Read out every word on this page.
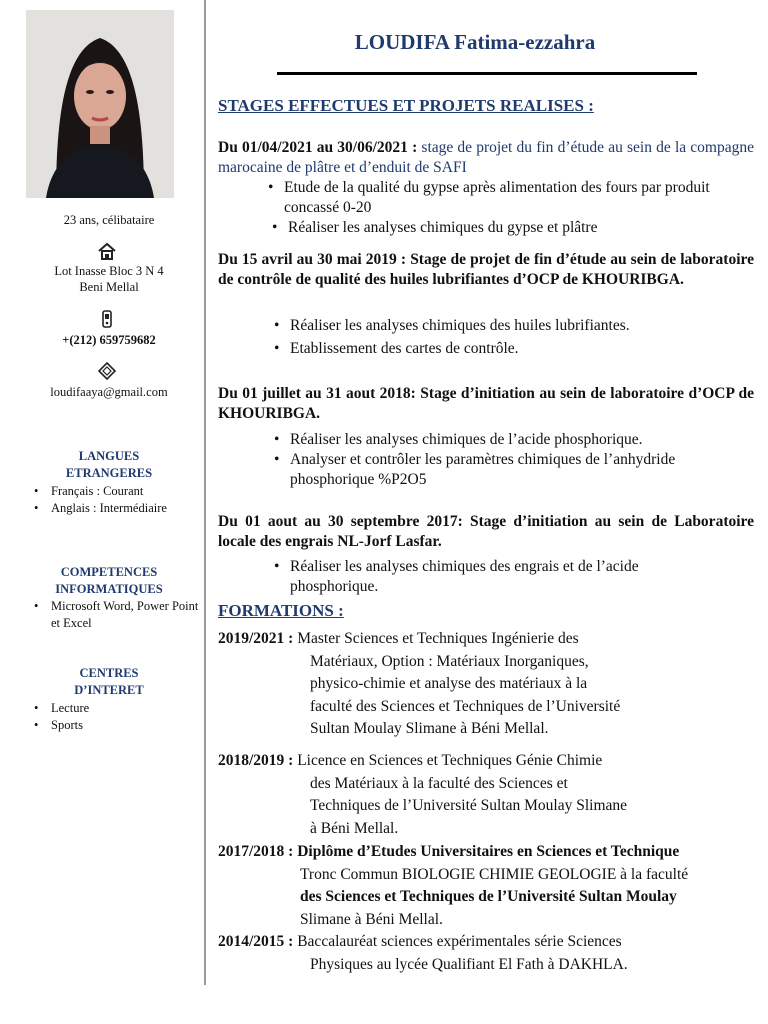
23 ans, célibataire
Lot Inasse Bloc 3 N 4
Beni Mellal
+(212) 659759682
loudifaaya@gmail.com
LANGUES
ETRANGERES
• Français : Courant
• Anglais : Intermédiaire
COMPETENCES
INFORMATIQUES
• Microsoft Word, Power Point et Excel
CENTRES
D’INTERET
• Lecture
• Sports
LOUDIFA Fatima-ezzahra
STAGES EFFECTUES ET PROJETS REALISES :
Du 01/04/2021 au 30/06/2021 : stage de projet du fin d’étude au sein de la compagne marocaine de plâtre et d’enduit de SAFI
• Etude de la qualité du gypse après alimentation des fours par produit concassé 0-20
• Réaliser les analyses chimiques du gypse et plâtre
Du 15 avril au 30 mai 2019 : Stage de projet de fin d’étude au sein de laboratoire de contrôle de qualité des huiles lubrifiantes d’OCP de KHOURIBGA.
• Réaliser les analyses chimiques des huiles lubrifiantes.
• Etablissement des cartes de contrôle.
Du 01 juillet au 31 aout 2018: Stage d’initiation au sein de laboratoire d’OCP de KHOURIBGA.
• Réaliser les analyses chimiques de l’acide phosphorique.
• Analyser et contrôler les paramètres chimiques de l’anhydride phosphorique %P2O5
Du 01 aout au 30 septembre 2017: Stage d’initiation au sein de Laboratoire locale des engrais NL-Jorf Lasfar.
• Réaliser les analyses chimiques des engrais et de l’acide phosphorique.
FORMATIONS :
2019/2021 : Master Sciences et Techniques Ingénierie des
Matériaux, Option : Matériaux Inorganiques,
physico-chimie et analyse des matériaux à la
faculté des Sciences et Techniques de l’Université
Sultan Moulay Slimane à Béni Mellal.
2018/2019 : Licence en Sciences et Techniques Génie Chimie
des Matériaux à la faculté des Sciences et
Techniques de l’Université Sultan Moulay Slimane
à Béni Mellal.
2017/2018 : Diplôme d’Etudes Universitaires en Sciences et Technique
Tronc Commun BIOLOGIE CHIMIE GEOLOGIE à la faculté
des Sciences et Techniques de l’Université Sultan Moulay
Slimane à Béni Mellal.
2014/2015 : Baccalauréat sciences expérimentales série Sciences
Physiques au lycée Qualifiant El Fath à DAKHLA.
